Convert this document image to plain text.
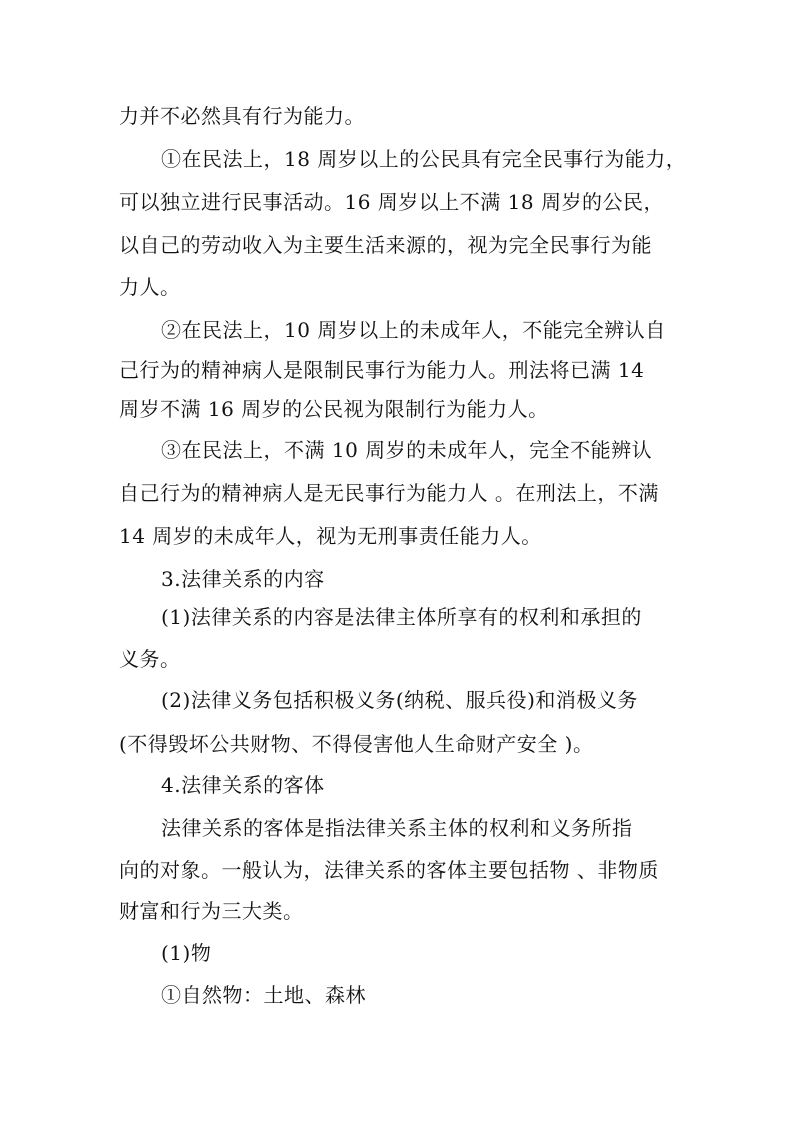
力并不必然具有行为能力。
①在民法上，18 周岁以上的公民具有完全民事行为能力，
可以独立进行民事活动。16 周岁以上不满 18 周岁的公民，
以自己的劳动收入为主要生活来源的，视为完全民事行为能
力人。
②在民法上，10 周岁以上的未成年人，不能完全辨认自
己行为的精神病人是限制民事行为能力人。刑法将已满 14
周岁不满 16 周岁的公民视为限制行为能力人。
③在民法上，不满 10 周岁的未成年人，完全不能辨认
自己行为的精神病人是无民事行为能力人 。在刑法上，不满
14 周岁的未成年人，视为无刑事责任能力人。
3.法律关系的内容
(1)法律关系的内容是法律主体所享有的权利和承担的
义务。
(2)法律义务包括积极义务(纳税、服兵役)和消极义务
(不得毁坏公共财物、不得侵害他人生命财产安全 )。
4.法律关系的客体
法律关系的客体是指法律关系主体的权利和义务所指
向的对象。一般认为，法律关系的客体主要包括物 、非物质
财富和行为三大类。
(1)物
①自然物：土地、森林
